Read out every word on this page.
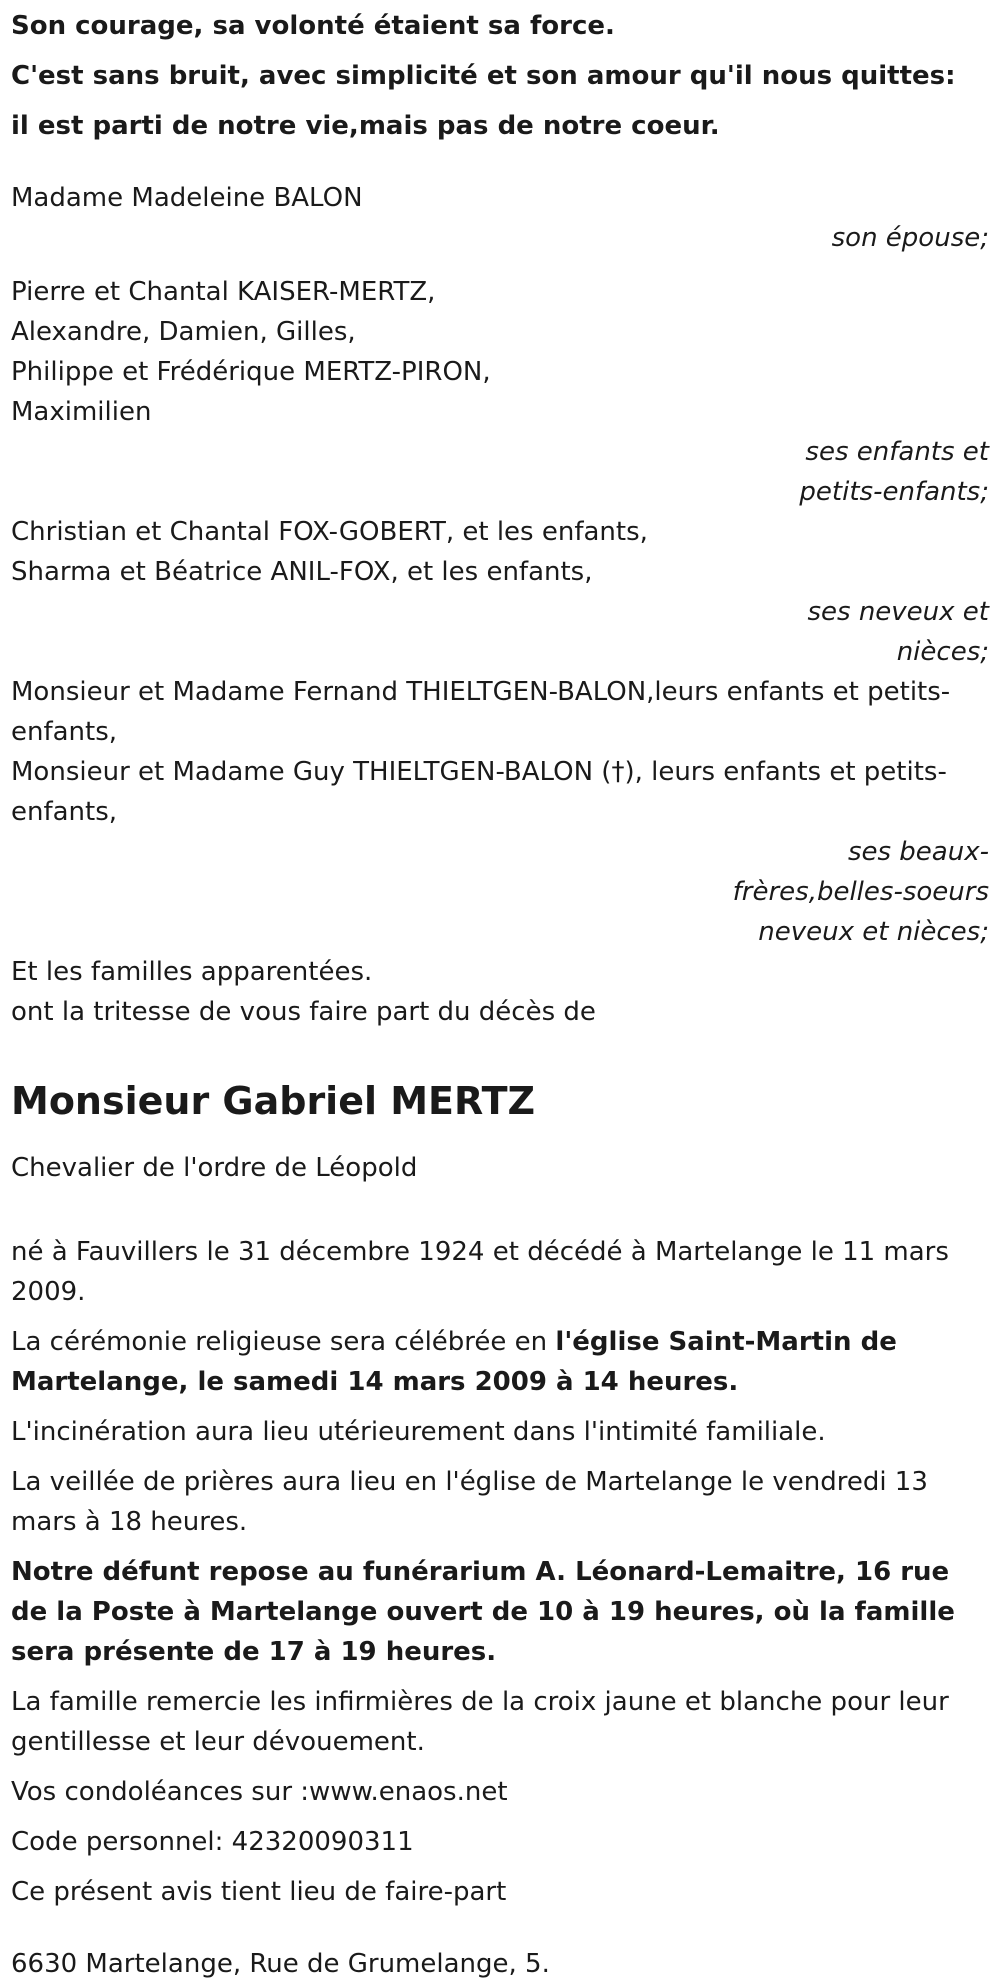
Son courage, sa volonté étaient sa force.

C'est sans bruit, avec simplicité et son amour qu'il nous quittes:

il est parti de notre vie,mais pas de notre coeur.

Madame Madeleine BALON

son épouse;

Pierre et Chantal KAISER-MERTZ,

Alexandre, Damien, Gilles,

Philippe et Frédérique MERTZ-PIRON,

Maximilien

ses enfants et
petits-enfants;

Christian et Chantal FOX-GOBERT, et les enfants,

Sharma et Béatrice ANIL-FOX, et les enfants,

ses neveux et
nièces;

Monsieur et Madame Fernand THIELTGEN-BALON,leurs enfants et petits-

enfants,

Monsieur et Madame Guy THIELTGEN-BALON (†), leurs enfants et petits-

enfants,

ses beaux-
frères,belles-soeurs
neveux et nièces;

Et les familles apparentées.

ont la tritesse de vous faire part du décès de

Monsieur Gabriel MERTZ

Chevalier de l'ordre de Léopold

né à Fauvillers le 31 décembre 1924 et décédé à Martelange le 11 mars 2009.

La cérémonie religieuse sera célébrée en l'église Saint-Martin de Martelange, le samedi 14 mars 2009 à 14 heures.

L'incinération aura lieu utérieurement dans l'intimité familiale.

La veillée de prières aura lieu en l'église de Martelange le vendredi 13 mars à 18 heures.

Notre défunt repose au funérarium A. Léonard-Lemaitre, 16 rue de la Poste à Martelange ouvert de 10 à 19 heures, où la famille sera présente de 17 à 19 heures.

La famille remercie les infirmières de la croix jaune et blanche pour leur gentillesse et leur dévouement.

Vos condoléances sur :www.enaos.net

Code personnel: 42320090311

Ce présent avis tient lieu de faire-part

6630 Martelange, Rue de Grumelange, 5.
